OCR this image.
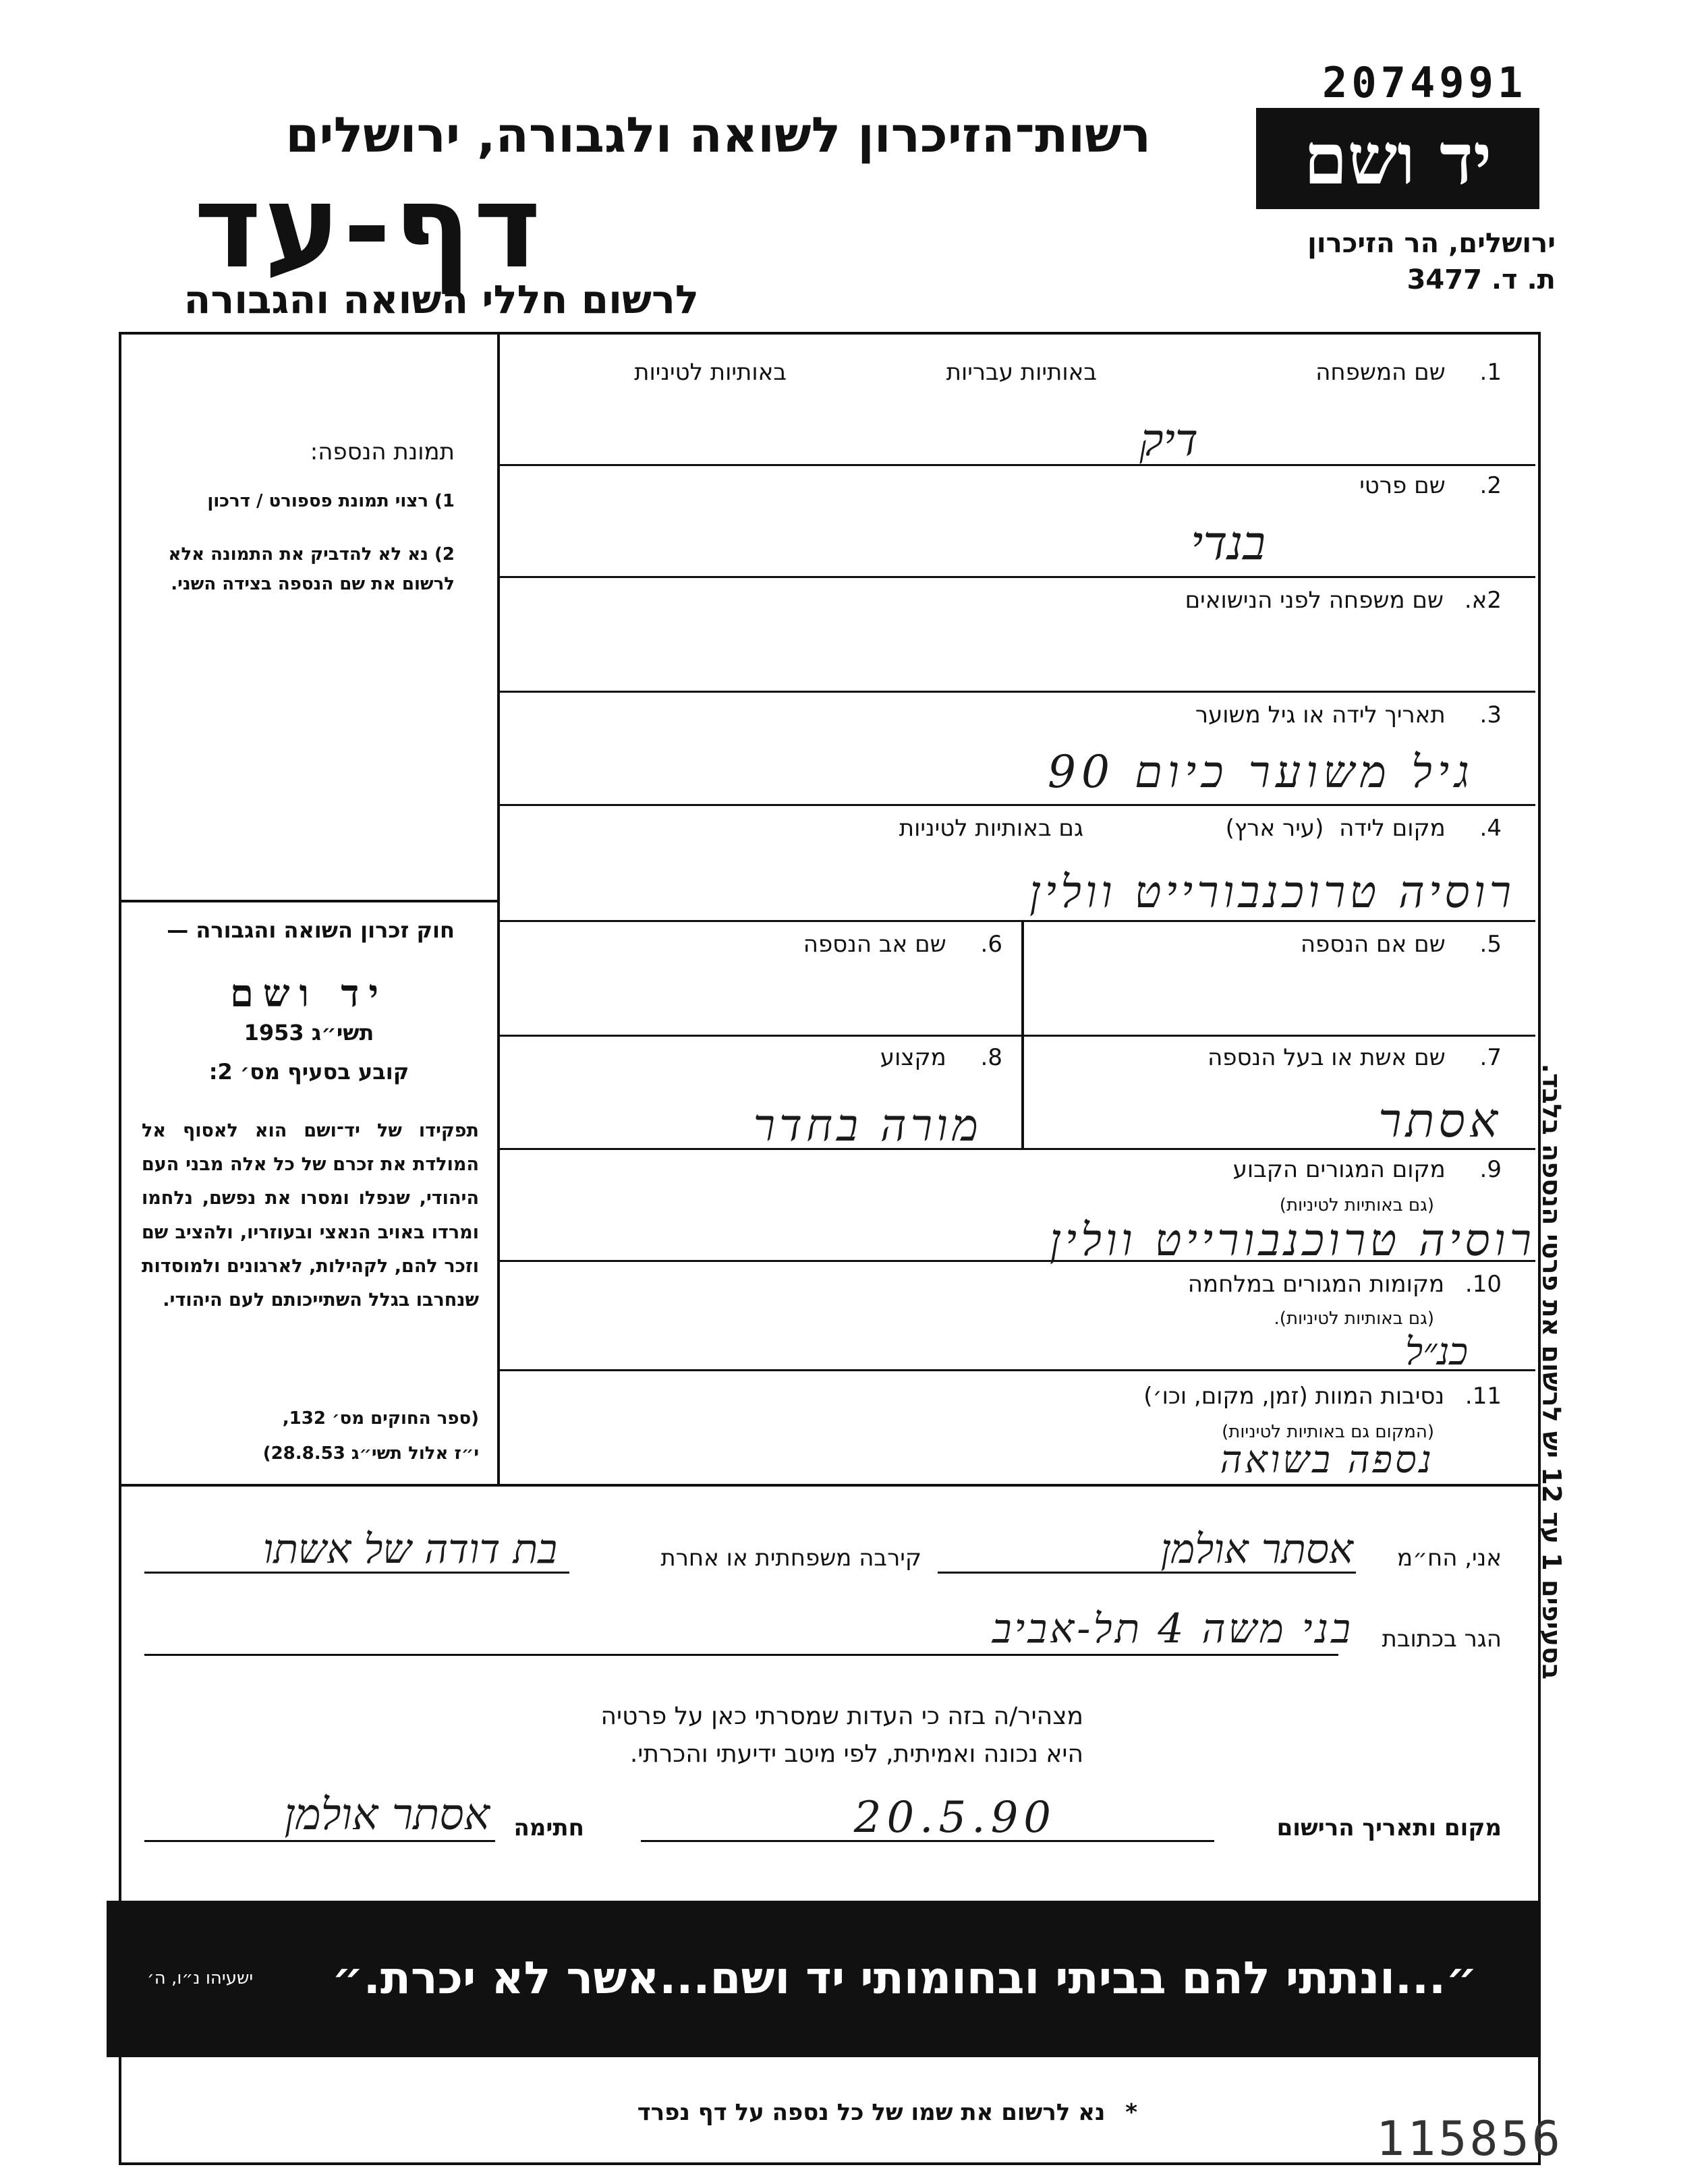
2074991
יד ושם
ירושלים, הר הזיכרון
ת. ד. 3477
רשות־הזיכרון לשואה ולגבורה, ירושלים
דף-עד
לרשום חללי השואה והגבורה
תמונת הנספה:
1) רצוי תמונת פספורט / דרכון
2) נא לא להדביק את התמונה אלא לרשום את שם הנספה בצידה השני.
חוק זכרון השואה והגבורה —
יד ושם
תשי״ג 1953
קובע בסעיף מס׳ 2:
תפקידו של יד־ושם הוא לאסוף אל המולדת את זכרם של כל אלה מבני העם היהודי, שנפלו ומסרו את נפשם, נלחמו ומרדו באויב הנאצי ובעוזריו, ולהציב שם וזכר להם, לקהילות, לארגונים ולמוסדות שנחרבו בגלל השתייכותם לעם היהודי.
(ספר החוקים מס׳ 132,
י״ז אלול תשי״ג 28.8.53)	בסעיפים 1 עד 12 יש לרשום את פרטי הנספה בלבד.
1. שם המשפחה
באותיות עבריות
באותיות לטיניות
דיק
2. שם פרטי
בנדי
2א. שם משפחה לפני הנישואים
3. תאריך לידה או גיל משוער
גיל משוער כיום 90
4. מקום לידה (עיר ארץ)
גם באותיות לטיניות
רוסיה טרוכנבורייט וולין
5. שם אם הנספה
6. שם אב הנספה
7. שם אשת או בעל הנספה
אסתר
8. מקצוע
מורה בחדר
9. מקום המגורים הקבוע
(גם באותיות לטיניות)
רוסיה טרוכנבורייט וולין
10. מקומות המגורים במלחמה
(גם באותיות לטיניות).
כנ״ל
11. נסיבות המוות (זמן, מקום, וכו׳)
(המקום גם באותיות לטיניות)
נספה בשואה
אני, הח״מ
אסתר אולמן
קירבה משפחתית או אחרת
בת דודה של אשתו
הגר בכתובת
בני משה 4 תל-אביב
מצהיר/ה בזה כי העדות שמסרתי כאן על פרטיה
היא נכונה ואמיתית, לפי מיטב ידיעתי והכרתי.
מקום ותאריך הרישום
20.5.90
חתימה
אסתר אולמן
״...ונתתי להם בביתי ובחומותי יד ושם...אשר לא יכרת.״
ישעיהו נ״ו, ה׳
* נא לרשום את שמו של כל נספה על דף נפרד	115856
